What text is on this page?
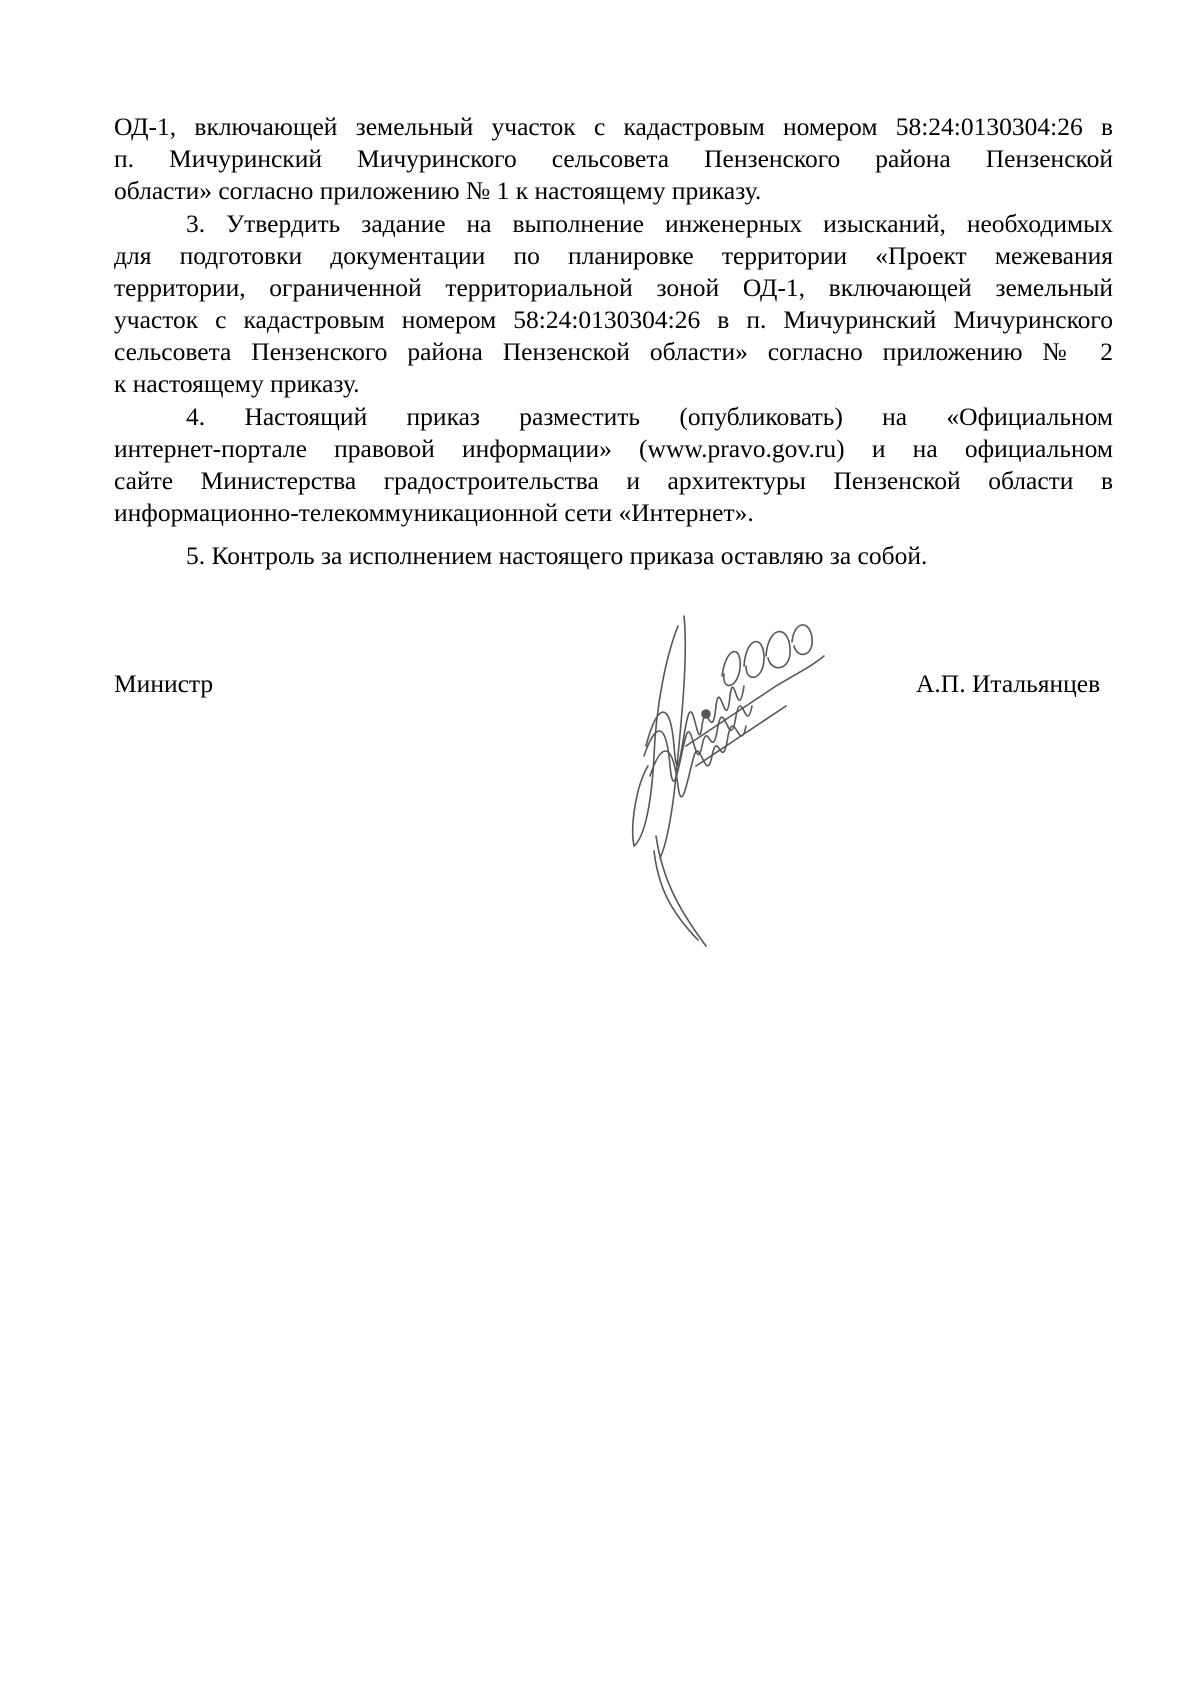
ОД-1, включающей земельный участок с кадастровым номером 58:24:0130304:26 в
п. Мичуринский Мичуринского сельсовета Пензенского района Пензенской
области» согласно приложению № 1 к настоящему приказу.
3. Утвердить задание на выполнение инженерных изысканий, необходимых
для подготовки документации по планировке территории «Проект межевания
территории, ограниченной территориальной зоной ОД-1, включающей земельный
участок с кадастровым номером 58:24:0130304:26 в п. Мичуринский Мичуринского
сельсовета Пензенского района Пензенской области» согласно приложению № 2
к настоящему приказу.
4. Настоящий приказ разместить (опубликовать) на «Официальном
интернет-портале правовой информации» (www.pravo.gov.ru) и на официальном
сайте Министерства градостроительства и архитектуры Пензенской области в
информационно-телекоммуникационной сети «Интернет».
5. Контроль за исполнением настоящего приказа оставляю за собой.
Министр	А.П. Итальянцев
